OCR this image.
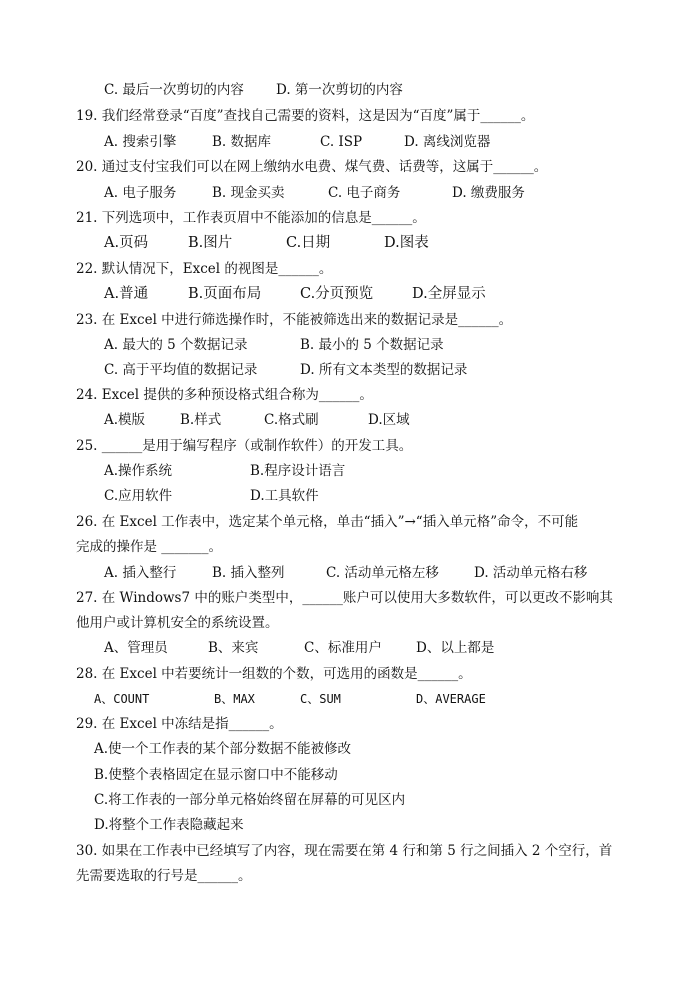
C. 最后一次剪切的内容 D. 第一次剪切的内容
19. 我们经常登录“百度”查找自己需要的资料，这是因为“百度”属于______。
A. 搜索引擎	B. 数据库	C. ISP	D. 离线浏览器
20. 通过支付宝我们可以在网上缴纳水电费、煤气费、话费等，这属于______。
A. 电子服务	B. 现金买卖	C. 电子商务	D. 缴费服务
21. 下列选项中，工作表页眉中不能添加的信息是______。
A.页码	B.图片	C.日期	D.图表
22. 默认情况下，Excel 的视图是______。
A.普通	B.页面布局	C.分页预览	D.全屏显示
23. 在 Excel 中进行筛选操作时，不能被筛选出来的数据记录是______。
A. 最大的 5 个数据记录	B. 最小的 5 个数据记录
C. 高于平均值的数据记录	D. 所有文本类型的数据记录
24. Excel 提供的多种预设格式组合称为______。
A.模版	B.样式	C.格式刷	D.区域
25. ______是用于编写程序（或制作软件）的开发工具。
A.操作系统	B.程序设计语言
C.应用软件	D.工具软件
26. 在 Excel 工作表中，选定某个单元格，单击“插入”→“插入单元格”命令，不可能
完成的操作是 _______。
A. 插入整行	B. 插入整列	C. 活动单元格左移	D. 活动单元格右移
27. 在 Windows7 中的账户类型中，______账户可以使用大多数软件，可以更改不影响其
他用户或计算机安全的系统设置。
A、管理员	B、来宾	C、标准用户	D、以上都是
28. 在 Excel 中若要统计一组数的个数，可选用的函数是______。
A、COUNT	B、MAX	C、SUM	D、AVERAGE
29. 在 Excel 中冻结是指______。
A.使一个工作表的某个部分数据不能被修改
B.使整个表格固定在显示窗口中不能移动
C.将工作表的一部分单元格始终留在屏幕的可见区内
D.将整个工作表隐藏起来
30. 如果在工作表中已经填写了内容，现在需要在第 4 行和第 5 行之间插入 2 个空行，首
先需要选取的行号是______。
